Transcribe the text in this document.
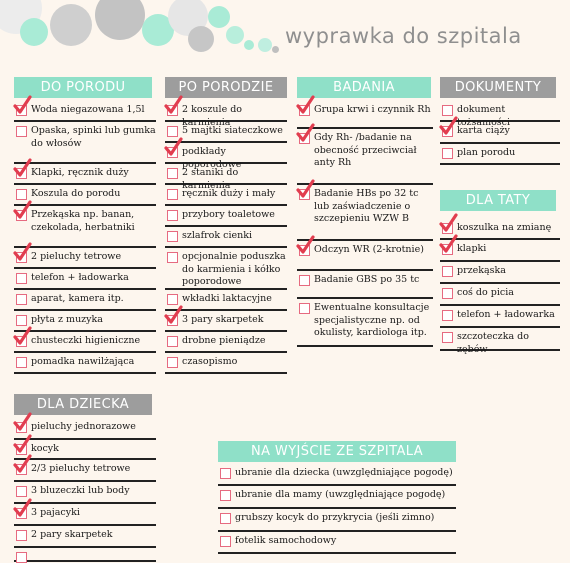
wyprawka do szpitala
DO PORODU	PO PORODZIE	BADANIA	DOKUMENTY
DLA TATY
DLA DZIECKA
NA WYJŚCIE ZE SZPITALA
Woda niegazowana 1,5l
Opaska, spinki lub gumka do włosów
Klapki, ręcznik duży
Koszula do porodu
Przekąska np. banan, czekolada, herbatniki
2 pieluchy tetrowe
telefon + ładowarka
aparat, kamera itp.
płyta z muzyka
chusteczki higieniczne
pomadka nawilżająca
2 koszule do karmienia
5 majtki siateczkowe
podkłady poporodowe
2 staniki do karmienia
ręcznik duży i mały
przybory toaletowe
szlafrok cienki
opcjonalnie poduszka do karmienia i kółko poporodowe
wkładki laktacyjne
3 pary skarpetek
drobne pieniądze
czasopismo
Grupa krwi i czynnik Rh
Gdy Rh- /badanie na obecność przeciwciał anty Rh
Badanie HBs po 32 tc lub zaświadczenie o szczepieniu WZW B
Odczyn WR (2-krotnie)
Badanie GBS po 35 tc
Ewentualne konsultacje specjalistyczne np. od okulisty, kardiologa itp.
dokument tożsamości
karta ciąży
plan porodu
koszulka na zmianę
klapki
przekąska
coś do picia
telefon + ładowarka
szczoteczka do zębów
pieluchy jednorazowe
kocyk
2/3 pieluchy tetrowe
3 bluzeczki lub body
3 pajacyki
2 pary skarpetek
ubranie dla dziecka (uwzględniające pogodę)
ubranie dla mamy (uwzględniające pogodę)
grubszy kocyk do przykrycia (jeśli zimno)
fotelik samochodowy
